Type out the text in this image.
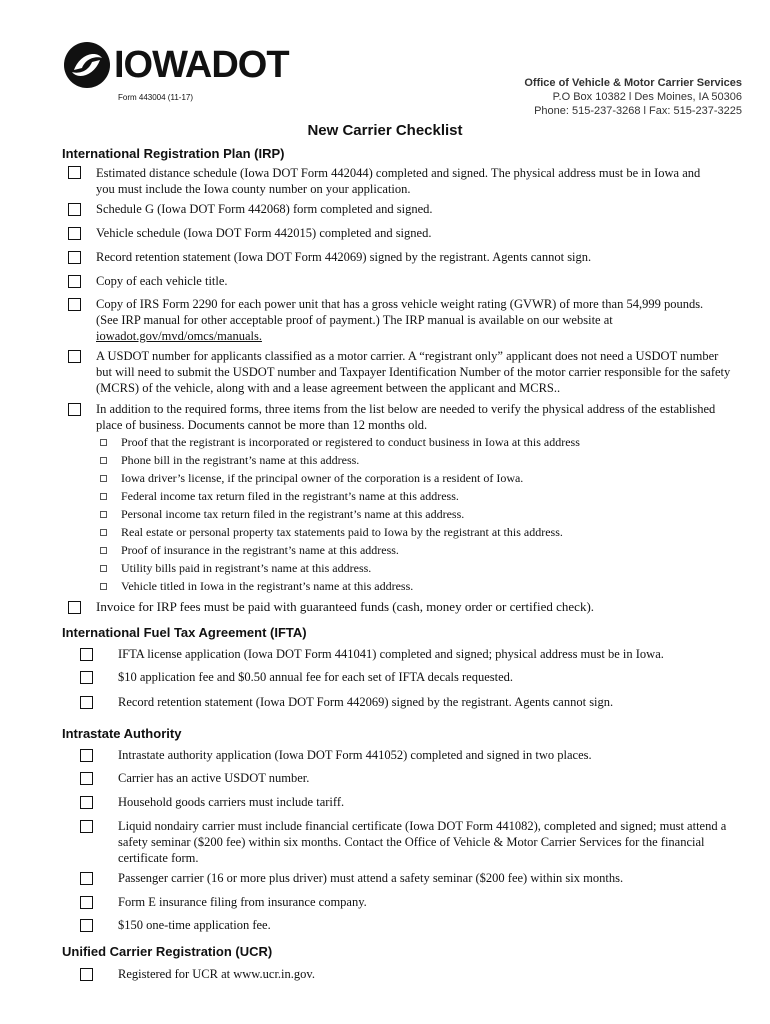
IOWADOT
Form 443004 (11-17)
Office of Vehicle & Motor Carrier Services
P.O Box 10382 l Des Moines, IA 50306
Phone: 515-237-3268 l Fax: 515-237-3225
New Carrier Checklist
International Registration Plan (IRP)
Estimated distance schedule (Iowa DOT Form 442044) completed and signed. The physical address must be in Iowa and you must include the Iowa county number on your application.
Schedule G (Iowa DOT Form 442068) form completed and signed.
Vehicle schedule (Iowa DOT Form 442015) completed and signed.
Record retention statement (Iowa DOT Form 442069) signed by the registrant. Agents cannot sign.
Copy of each vehicle title.
Copy of IRS Form 2290 for each power unit that has a gross vehicle weight rating (GVWR) of more than 54,999 pounds. (See IRP manual for other acceptable proof of payment.) The IRP manual is available on our website at
iowadot.gov/mvd/omcs/manuals.
A USDOT number for applicants classified as a motor carrier. A “registrant only” applicant does not need a USDOT number but will need to submit the USDOT number and Taxpayer Identification Number of the motor carrier responsible for the safety (MCRS) of the vehicle, along with and a lease agreement between the applicant and MCRS..
In addition to the required forms, three items from the list below are needed to verify the physical address of the established place of business. Documents cannot be more than 12 months old.
Proof that the registrant is incorporated or registered to conduct business in Iowa at this address
Phone bill in the registrant’s name at this address.
Iowa driver’s license, if the principal owner of the corporation is a resident of Iowa.
Federal income tax return filed in the registrant’s name at this address.
Personal income tax return filed in the registrant’s name at this address.
Real estate or personal property tax statements paid to Iowa by the registrant at this address.
Proof of insurance in the registrant’s name at this address.
Utility bills paid in registrant’s name at this address.
Vehicle titled in Iowa in the registrant’s name at this address.
Invoice for IRP fees must be paid with guaranteed funds (cash, money order or certified check).
International Fuel Tax Agreement (IFTA)
IFTA license application (Iowa DOT Form 441041) completed and signed; physical address must be in Iowa.
$10 application fee and $0.50 annual fee for each set of IFTA decals requested.
Record retention statement (Iowa DOT Form 442069) signed by the registrant. Agents cannot sign.
Intrastate Authority
Intrastate authority application (Iowa DOT Form 441052) completed and signed in two places.
Carrier has an active USDOT number.
Household goods carriers must include tariff.
Liquid nondairy carrier must include financial certificate (Iowa DOT Form 441082), completed and signed; must attend a safety seminar ($200 fee) within six months. Contact the Office of Vehicle & Motor Carrier Services for the financial certificate form.
Passenger carrier (16 or more plus driver) must attend a safety seminar ($200 fee) within six months.
Form E insurance filing from insurance company.
$150 one-time application fee.
Unified Carrier Registration (UCR)
Registered for UCR at www.ucr.in.gov.
